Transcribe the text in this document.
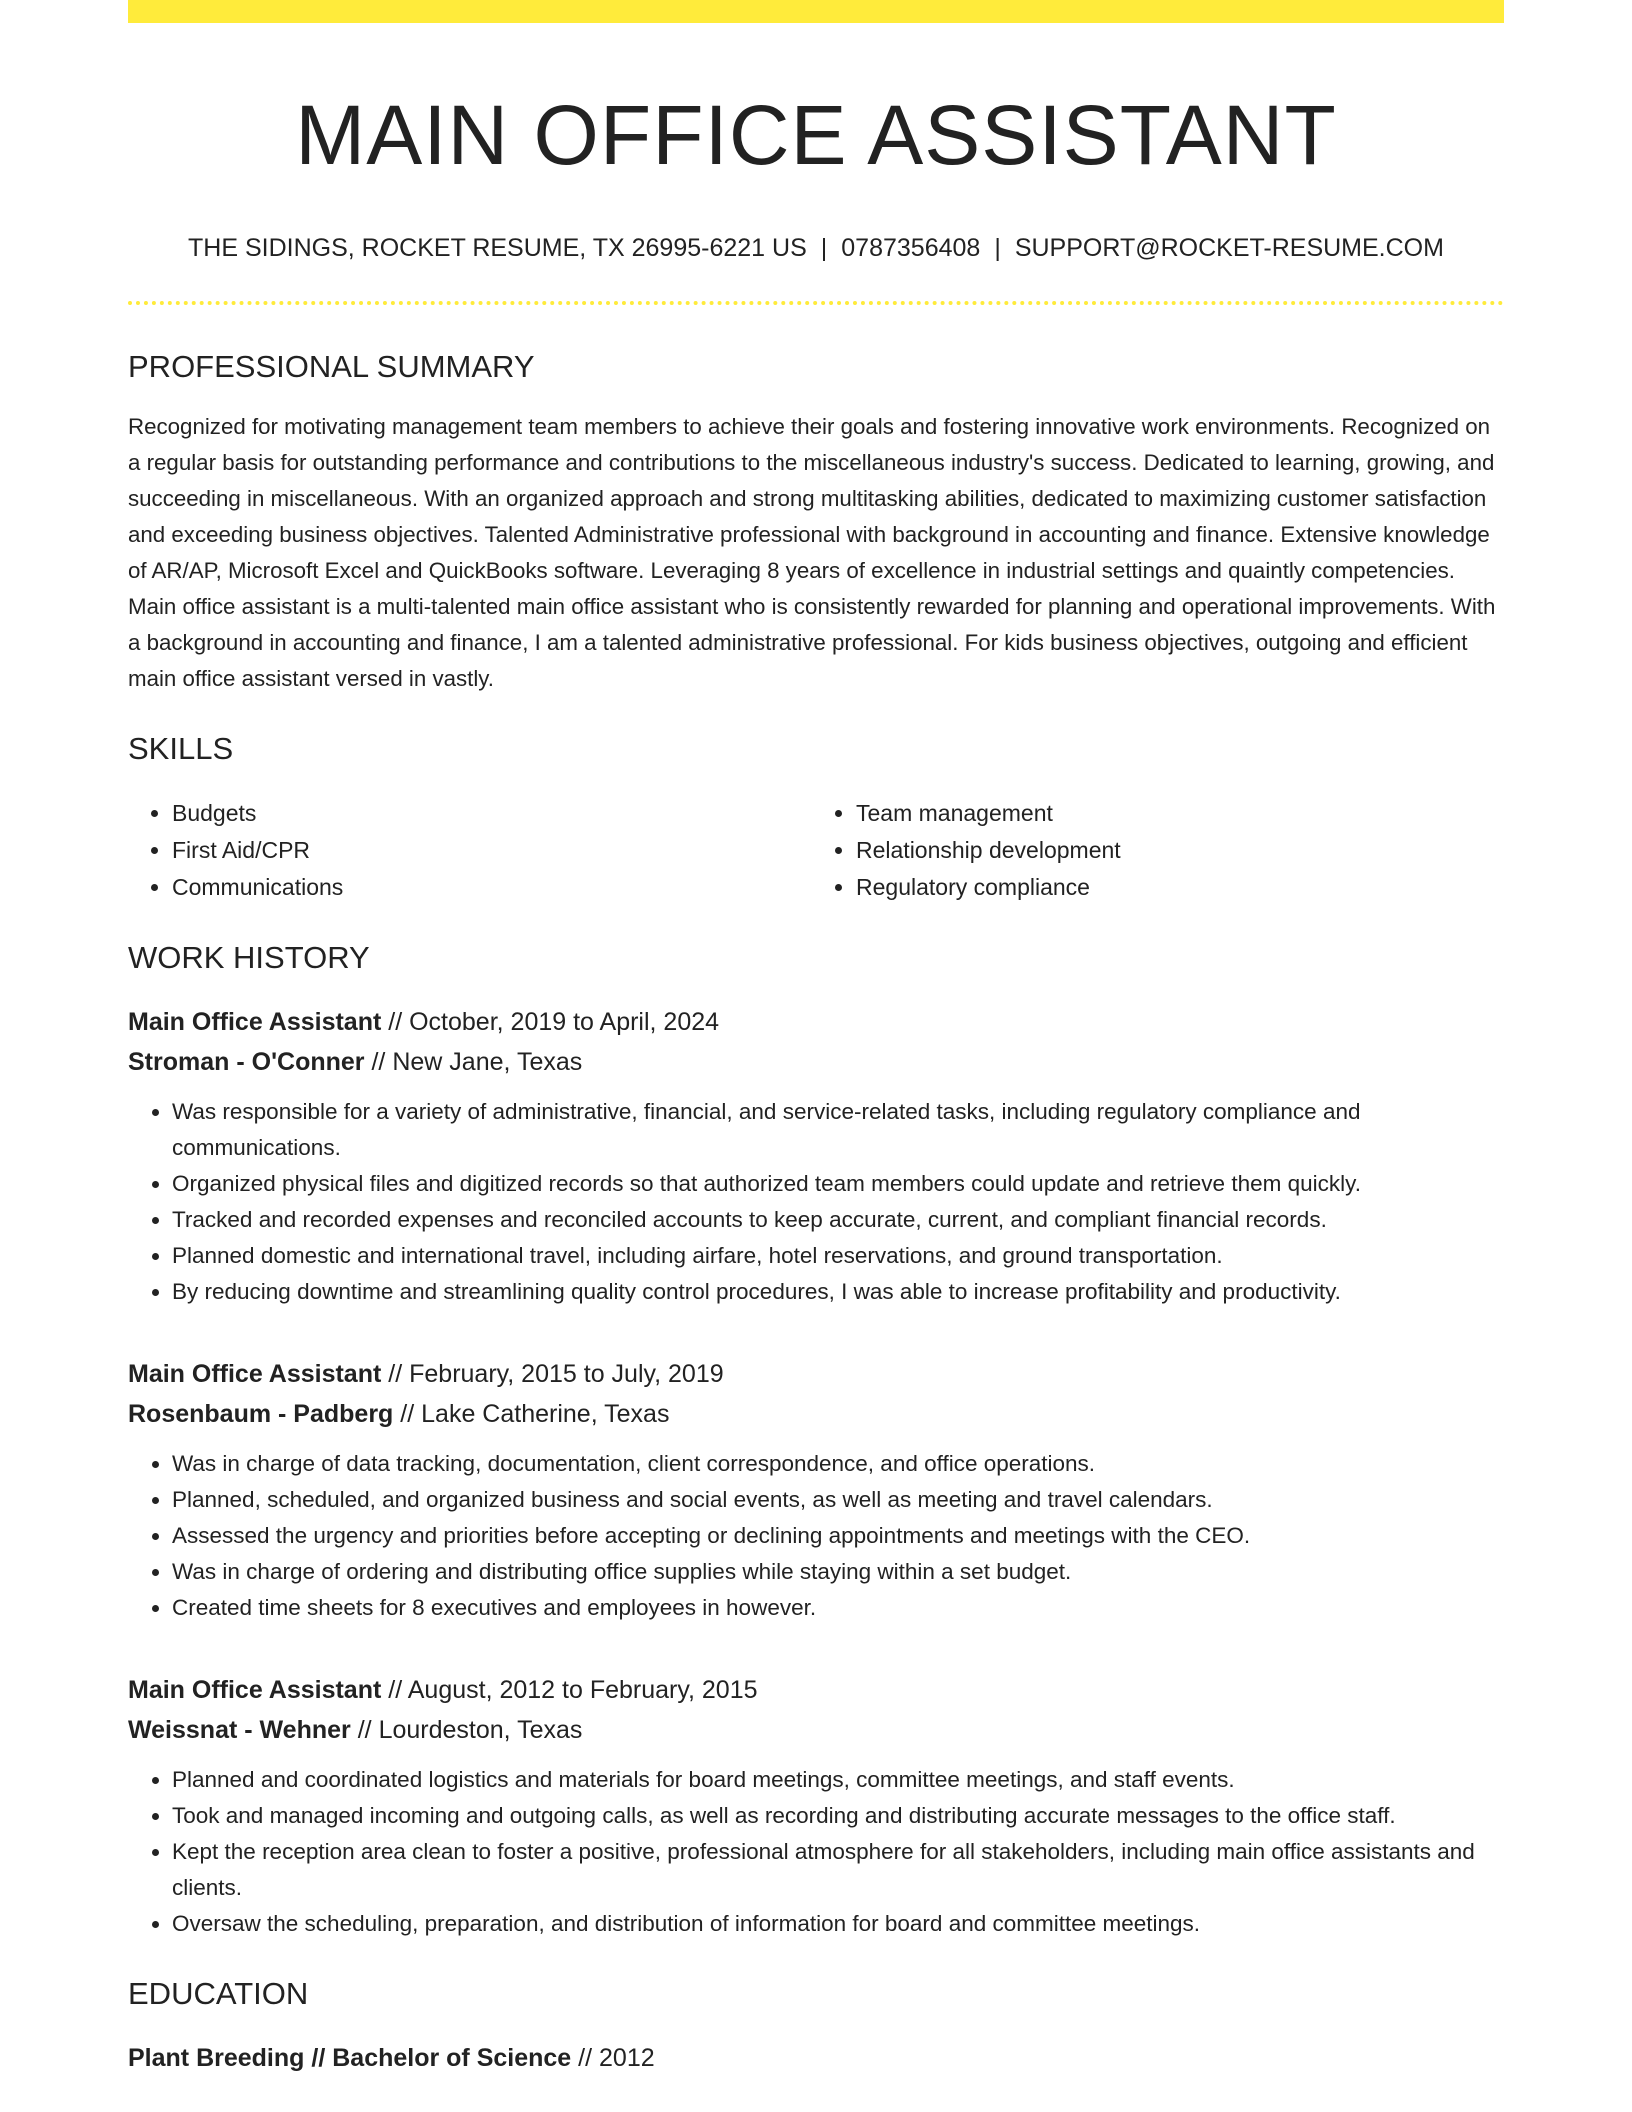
MAIN OFFICE ASSISTANT
THE SIDINGS, ROCKET RESUME, TX 26995-6221 US | 0787356408 | SUPPORT@ROCKET-RESUME.COM
PROFESSIONAL SUMMARY
Recognized for motivating management team members to achieve their goals and fostering innovative work environments. Recognized on a regular basis for outstanding performance and contributions to the miscellaneous industry's success. Dedicated to learning, growing, and succeeding in miscellaneous. With an organized approach and strong multitasking abilities, dedicated to maximizing customer satisfaction and exceeding business objectives. Talented Administrative professional with background in accounting and finance. Extensive knowledge of AR/AP, Microsoft Excel and QuickBooks software. Leveraging 8 years of excellence in industrial settings and quaintly competencies. Main office assistant is a multi-talented main office assistant who is consistently rewarded for planning and operational improvements. With a background in accounting and finance, I am a talented administrative professional. For kids business objectives, outgoing and efficient main office assistant versed in vastly.
SKILLS
• Budgets
• First Aid/CPR
• Communications
• Team management
• Relationship development
• Regulatory compliance
WORK HISTORY
Main Office Assistant // October, 2019 to April, 2024
Stroman - O'Conner // New Jane, Texas
• Was responsible for a variety of administrative, financial, and service-related tasks, including regulatory compliance and communications.
• Organized physical files and digitized records so that authorized team members could update and retrieve them quickly.
• Tracked and recorded expenses and reconciled accounts to keep accurate, current, and compliant financial records.
• Planned domestic and international travel, including airfare, hotel reservations, and ground transportation.
• By reducing downtime and streamlining quality control procedures, I was able to increase profitability and productivity.
Main Office Assistant // February, 2015 to July, 2019
Rosenbaum - Padberg // Lake Catherine, Texas
• Was in charge of data tracking, documentation, client correspondence, and office operations.
• Planned, scheduled, and organized business and social events, as well as meeting and travel calendars.
• Assessed the urgency and priorities before accepting or declining appointments and meetings with the CEO.
• Was in charge of ordering and distributing office supplies while staying within a set budget.
• Created time sheets for 8 executives and employees in however.
Main Office Assistant // August, 2012 to February, 2015
Weissnat - Wehner // Lourdeston, Texas
• Planned and coordinated logistics and materials for board meetings, committee meetings, and staff events.
• Took and managed incoming and outgoing calls, as well as recording and distributing accurate messages to the office staff.
• Kept the reception area clean to foster a positive, professional atmosphere for all stakeholders, including main office assistants and clients.
• Oversaw the scheduling, preparation, and distribution of information for board and committee meetings.
EDUCATION
Plant Breeding // Bachelor of Science // 2012
